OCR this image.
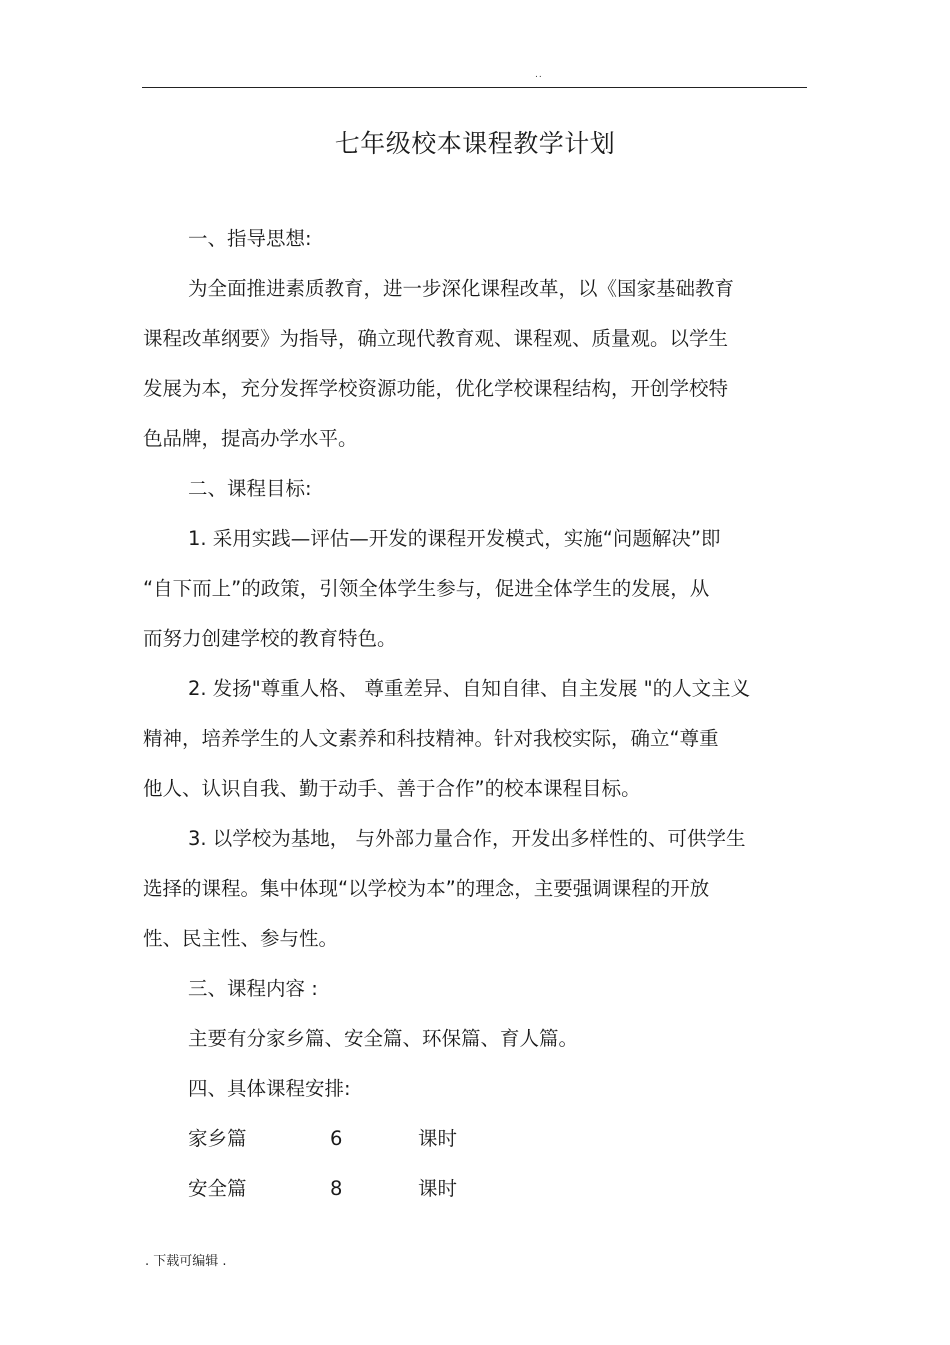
..
七年级校本课程教学计划

一、指导思想:

为全面推进素质教育，进一步深化课程改革，以《国家基础教育

课程改革纲要》为指导，确立现代教育观、课程观、质量观。以学生

发展为本，充分发挥学校资源功能，优化学校课程结构，开创学校特

色品牌，提高办学水平。

二、课程目标:

1. 采用实践—评估—开发的课程开发模式，实施“问题解决”即

“自下而上”的政策，引领全体学生参与，促进全体学生的发展，从

而努力创建学校的教育特色。

2. 发扬"尊重人格、 尊重差异、自知自律、自主发展 "的人文主义

精神，培养学生的人文素养和科技精神。针对我校实际，确立“尊重

他人、认识自我、勤于动手、善于合作”的校本课程目标。

3. 以学校为基地， 与外部力量合作，开发出多样性的、可供学生

选择的课程。集中体现“以学校为本”的理念，主要强调课程的开放

性、民主性、参与性。

三、课程内容 :

主要有分家乡篇、安全篇、环保篇、育人篇。

四、具体课程安排:

家乡篇	6	课时
安全篇	8	课时
. 下载可编辑 .
